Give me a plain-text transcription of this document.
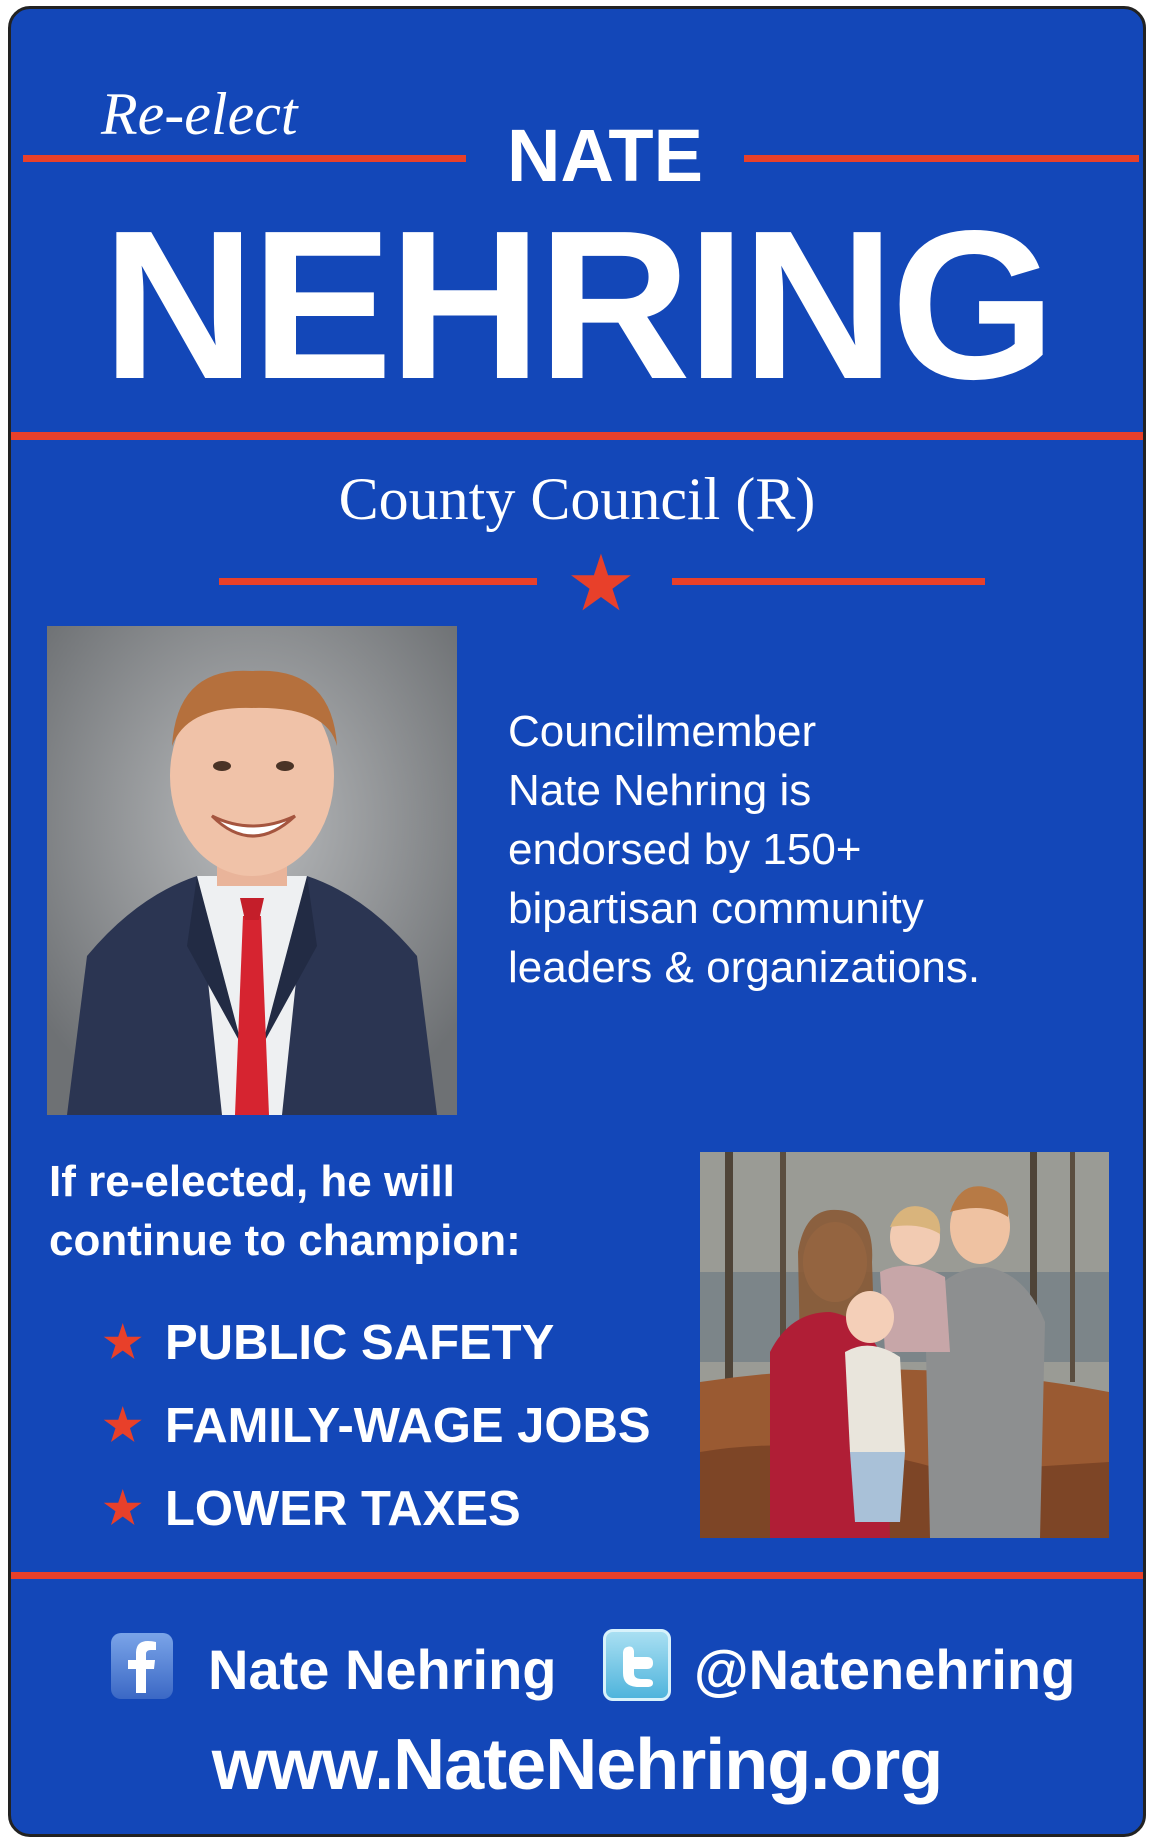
Re-elect	NATE
NEHRING
County Council (R)
★
Councilmember
Nate Nehring is
endorsed by 150+
bipartisan community
leaders & organizations.
If re-elected, he will
continue to champion:
★ PUBLIC SAFETY
★ FAMILY-WAGE JOBS
★ LOWER TAXES
Nate Nehring @Natenehring
www.NateNehring.org
